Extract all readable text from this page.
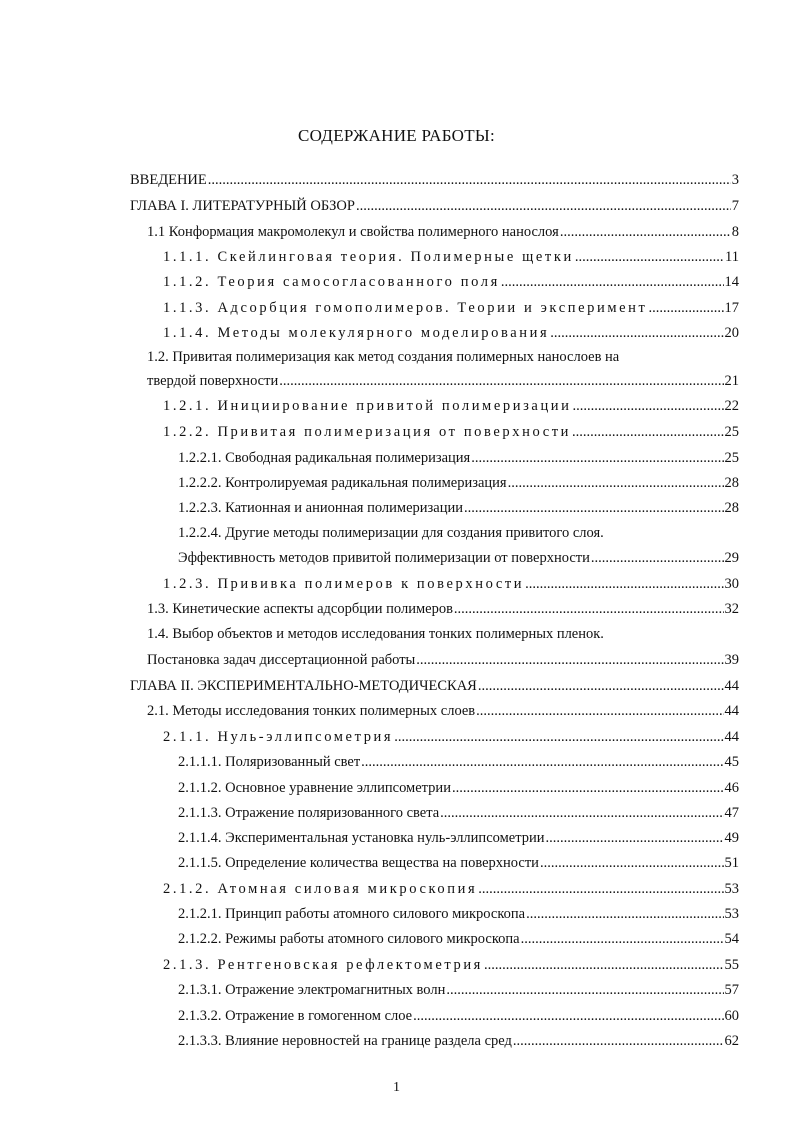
СОДЕРЖАНИЕ РАБОТЫ:
ВВЕДЕНИЕ .....	3
ГЛАВА I. ЛИТЕРАТУРНЫЙ ОБЗОР .....	7
1.1 Конформация макромолекул и свойства полимерного нанослоя .....	8
1.1.1. Скейлинговая теория. Полимерные щетки .....	11
1.1.2. Теория самосогласованного поля .....	14
1.1.3. Адсорбция гомополимеров. Теории и эксперимент .....	17
1.1.4. Методы молекулярного моделирования .....	20
1.2. Привитая полимеризация как метод создания полимерных нанослоев на
твердой поверхности .....	21
1.2.1. Инициирование привитой полимеризации .....	22
1.2.2. Привитая полимеризация от поверхности .....	25
1.2.2.1. Свободная радикальная полимеризация .....	25
1.2.2.2. Контролируемая радикальная полимеризация .....	28
1.2.2.3. Катионная и анионная полимеризации .....	28
1.2.2.4. Другие методы полимеризации для создания привитого слоя.
Эффективность методов привитой полимеризации от поверхности .....	29
1.2.3. Прививка полимеров к поверхности .....	30
1.3. Кинетические аспекты адсорбции полимеров .....	32
1.4. Выбор объектов и методов исследования тонких полимерных пленок.
Постановка задач диссертационной работы .....	39
ГЛАВА II. ЭКСПЕРИМЕНТАЛЬНО-МЕТОДИЧЕСКАЯ .....	44
2.1. Методы исследования тонких полимерных слоев .....	44
2.1.1. Нуль-эллипсометрия .....	44
2.1.1.1. Поляризованный свет .....	45
2.1.1.2. Основное уравнение эллипсометрии .....	46
2.1.1.3. Отражение поляризованного света .....	47
2.1.1.4. Экспериментальная установка нуль-эллипсометрии .....	49
2.1.1.5. Определение количества вещества на поверхности .....	51
2.1.2. Атомная силовая микроскопия .....	53
2.1.2.1. Принцип работы атомного силового микроскопа .....	53
2.1.2.2. Режимы работы атомного силового микроскопа .....	54
2.1.3. Рентгеновская рефлектометрия .....	55
2.1.3.1. Отражение электромагнитных волн .....	57
2.1.3.2. Отражение в гомогенном слое .....	60
2.1.3.3. Влияние неровностей на границе раздела сред .....	62
1
